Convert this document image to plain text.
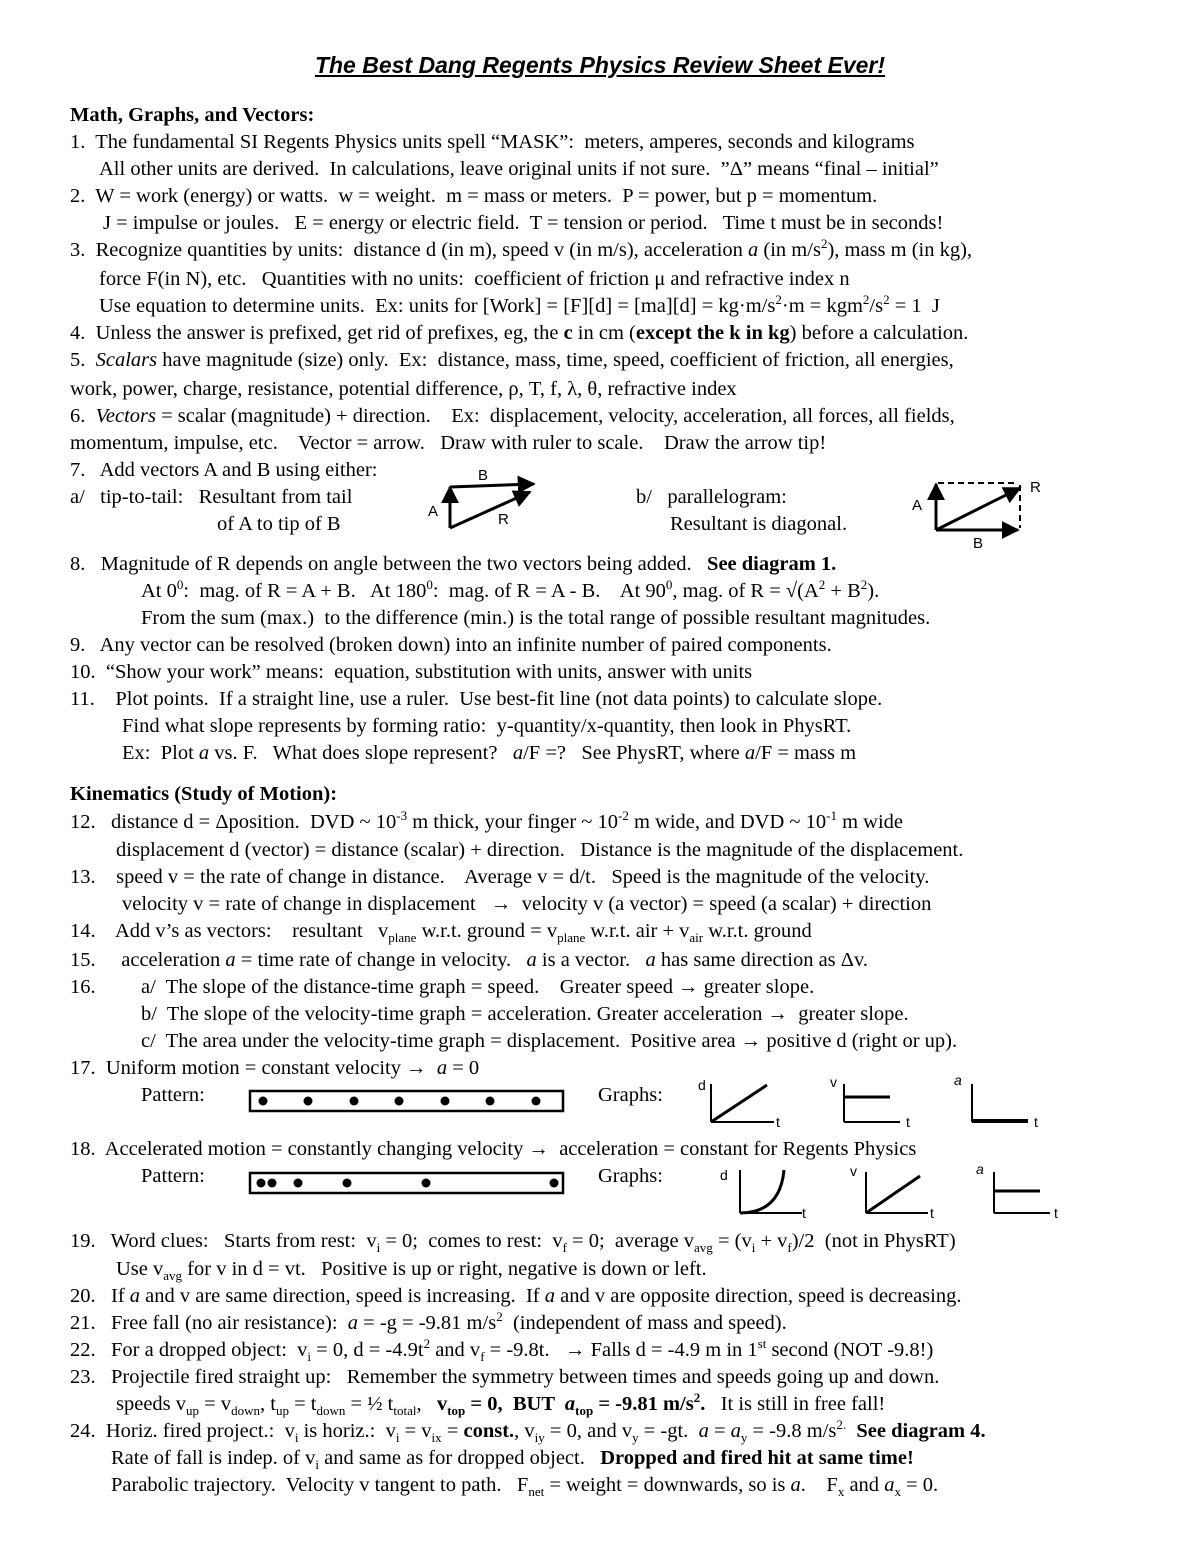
The Best Dang Regents Physics Review Sheet Ever!
Math, Graphs, and Vectors:
1.  The fundamental SI Regents Physics units spell “MASK”:  meters, amperes, seconds and kilograms
All other units are derived.  In calculations, leave original units if not sure.  ”Δ” means “final – initial”
2.  W = work (energy) or watts.  w = weight.  m = mass or meters.  P = power, but p = momentum.
J = impulse or joules.   E = energy or electric field.  T = tension or period.   Time t must be in seconds!
3.  Recognize quantities by units:  distance d (in m), speed v (in m/s), acceleration a (in $m/s^2$), mass m (in kg),
force F(in N), etc.   Quantities with no units:  coefficient of friction μ and refractive index n
Use equation to determine units.  Ex: units for [Work] = $[F][d] = [ma][d] = kg\cdot m/s^2\cdot m = kgm^2/s^2 = 1$  J
4.  Unless the answer is prefixed, get rid of prefixes, eg, the c in cm (except the k in kg) before a calculation.
5.  Scalars have magnitude (size) only.  Ex:  distance, mass, time, speed, coefficient of friction, all energies,
work, power, charge, resistance, potential difference, ρ, T, f, λ, θ, refractive index
6.  Vectors = scalar (magnitude) + direction.    Ex:  displacement, velocity, acceleration, all forces, all fields,
momentum, impulse, etc.    Vector = arrow.   Draw with ruler to scale.    Draw the arrow tip!
7.   Add vectors A and B using either:
a/   tip-to-tail:   Resultant from tail
of A to tip of B
b/   parallelogram:
Resultant is diagonal.
A
B
R
A
B
R
8.   Magnitude of R depends on angle between the two vectors being added.   See diagram 1.
At $0^0$:  mag. of R = A + B.   At $180^0$:  mag. of R = A - B.    At $90^0$, mag. of $R = √(A^2 + B^2)$.
From the sum (max.)  to the difference (min.) is the total range of possible resultant magnitudes.
9.   Any vector can be resolved (broken down) into an infinite number of paired components.
10.  “Show your work” means:  equation, substitution with units, answer with units
11.    Plot points.  If a straight line, use a ruler.  Use best-fit line (not data points) to calculate slope.
Find what slope represents by forming ratio:  y-quantity/x-quantity, then look in PhysRT.
Ex:  Plot a vs. F.   What does slope represent?   a/F =?   See PhysRT, where a/F = mass m
Kinematics (Study of Motion):
12.   distance d = Δposition.  DVD ~ $10^{-3}$ m thick, your finger ~ $10^{-2}$ m wide, and DVD ~ $10^{-1}$ m wide
displacement d (vector) = distance (scalar) + direction.   Distance is the magnitude of the displacement.
13.    speed v = the rate of change in distance.    Average v = d/t.   Speed is the magnitude of the velocity.
velocity v = rate of change in displacement   →  velocity v (a vector) = speed (a scalar) + direction
14.    Add v’s as vectors:    resultant   $v_{plane}$ w.r.t. ground = $v_{plane}$ w.r.t. air + $v_{air}$ w.r.t. ground
15.     acceleration a = time rate of change in velocity.   a is a vector.   a has same direction as Δv.
16. a/  The slope of the distance-time graph = speed.    Greater speed → greater slope.
b/  The slope of the velocity-time graph = acceleration. Greater acceleration →  greater slope.
c/  The area under the velocity-time graph = displacement.  Positive area → positive d (right or up).
17.  Uniform motion = constant velocity →  a = 0
Pattern:	Graphs:	d
t
v
t
a
t
18.  Accelerated motion = constantly changing velocity →  acceleration = constant for Regents Physics
Pattern:	Graphs:	d
t
v
t
a
t
19.   Word clues:   Starts from rest:  $v_i = 0$;  comes to rest:  $v_f = 0$;  average $v_{avg} = (v_i + v_f)/2$  (not in PhysRT)
Use $v_{avg}$ for v in d = vt.   Positive is up or right, negative is down or left.
20.   If a and v are same direction, speed is increasing.  If a and v are opposite direction, speed is decreasing.
21.   Free fall (no air resistance):  a = -g = -9.81 $m/s^2$  (independent of mass and speed).
22.   For a dropped object:  $v_i = 0$, $d = -4.9t^2$ and $v_f = -9.8t$.   → Falls d = -4.9 m in 1st second (NOT -9.8!)
23.   Projectile fired straight up:   Remember the symmetry between times and speeds going up and down.
speeds $v_{up} = v_{down}$, $t_{up} = t_{down}$ = ½ $t_{total}$,   $v_{top} = 0$,  BUT  $a_{top} = -9.81$ $m/s^2$.   It is still in free fall!
24.  Horiz. fired project.:  $v_i$ is horiz.:  $v_i = v_{ix}$ = const., $v_{iy} = 0$, and $v_y = -gt$.  $a = a_y = -9.8$ $m/s^{2.}$ See diagram 4.
Rate of fall is indep. of $v_i$ and same as for dropped object.   Dropped and fired hit at same time!
Parabolic trajectory.  Velocity v tangent to path.   $F_{net}$ = weight = downwards, so is a.    $F_x$ and $a_x = 0$.
